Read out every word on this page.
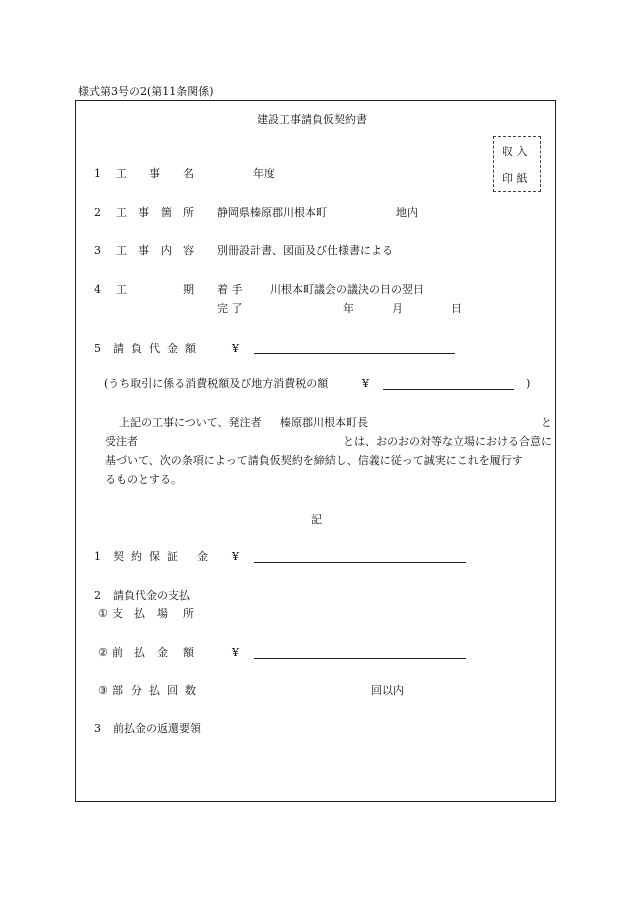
様式第3号の2(第11条関係)
建設工事請負仮契約書
収 入
印 紙
1 工 事 名	年度
2 工 事 箇 所 静岡県榛原郡川根本町	地内
3 工 事 内 容 別冊設計書、図面及び仕様書による
4 工	期 着 手	川根本町議会の議決の日の翌日
完 了	年	月	日
5 請 負 代 金 額	¥
(うち取引に係る消費税額及び地方消費税の額	¥	)
上記の工事について、発注者 榛原郡川根本町長	と
受注者	とは、おのおの対等な立場における合意に
基づいて、次の条項によって請負仮契約を締結し、信義に従って誠実にこれを履行す
るものとする。
記
1 契 約 保 証 金 ¥
2 請負代金の支払
① 支 払 場 所
② 前 払 金 額	¥
③ 部 分 払 回 数	回以内
3 前払金の返還要領
